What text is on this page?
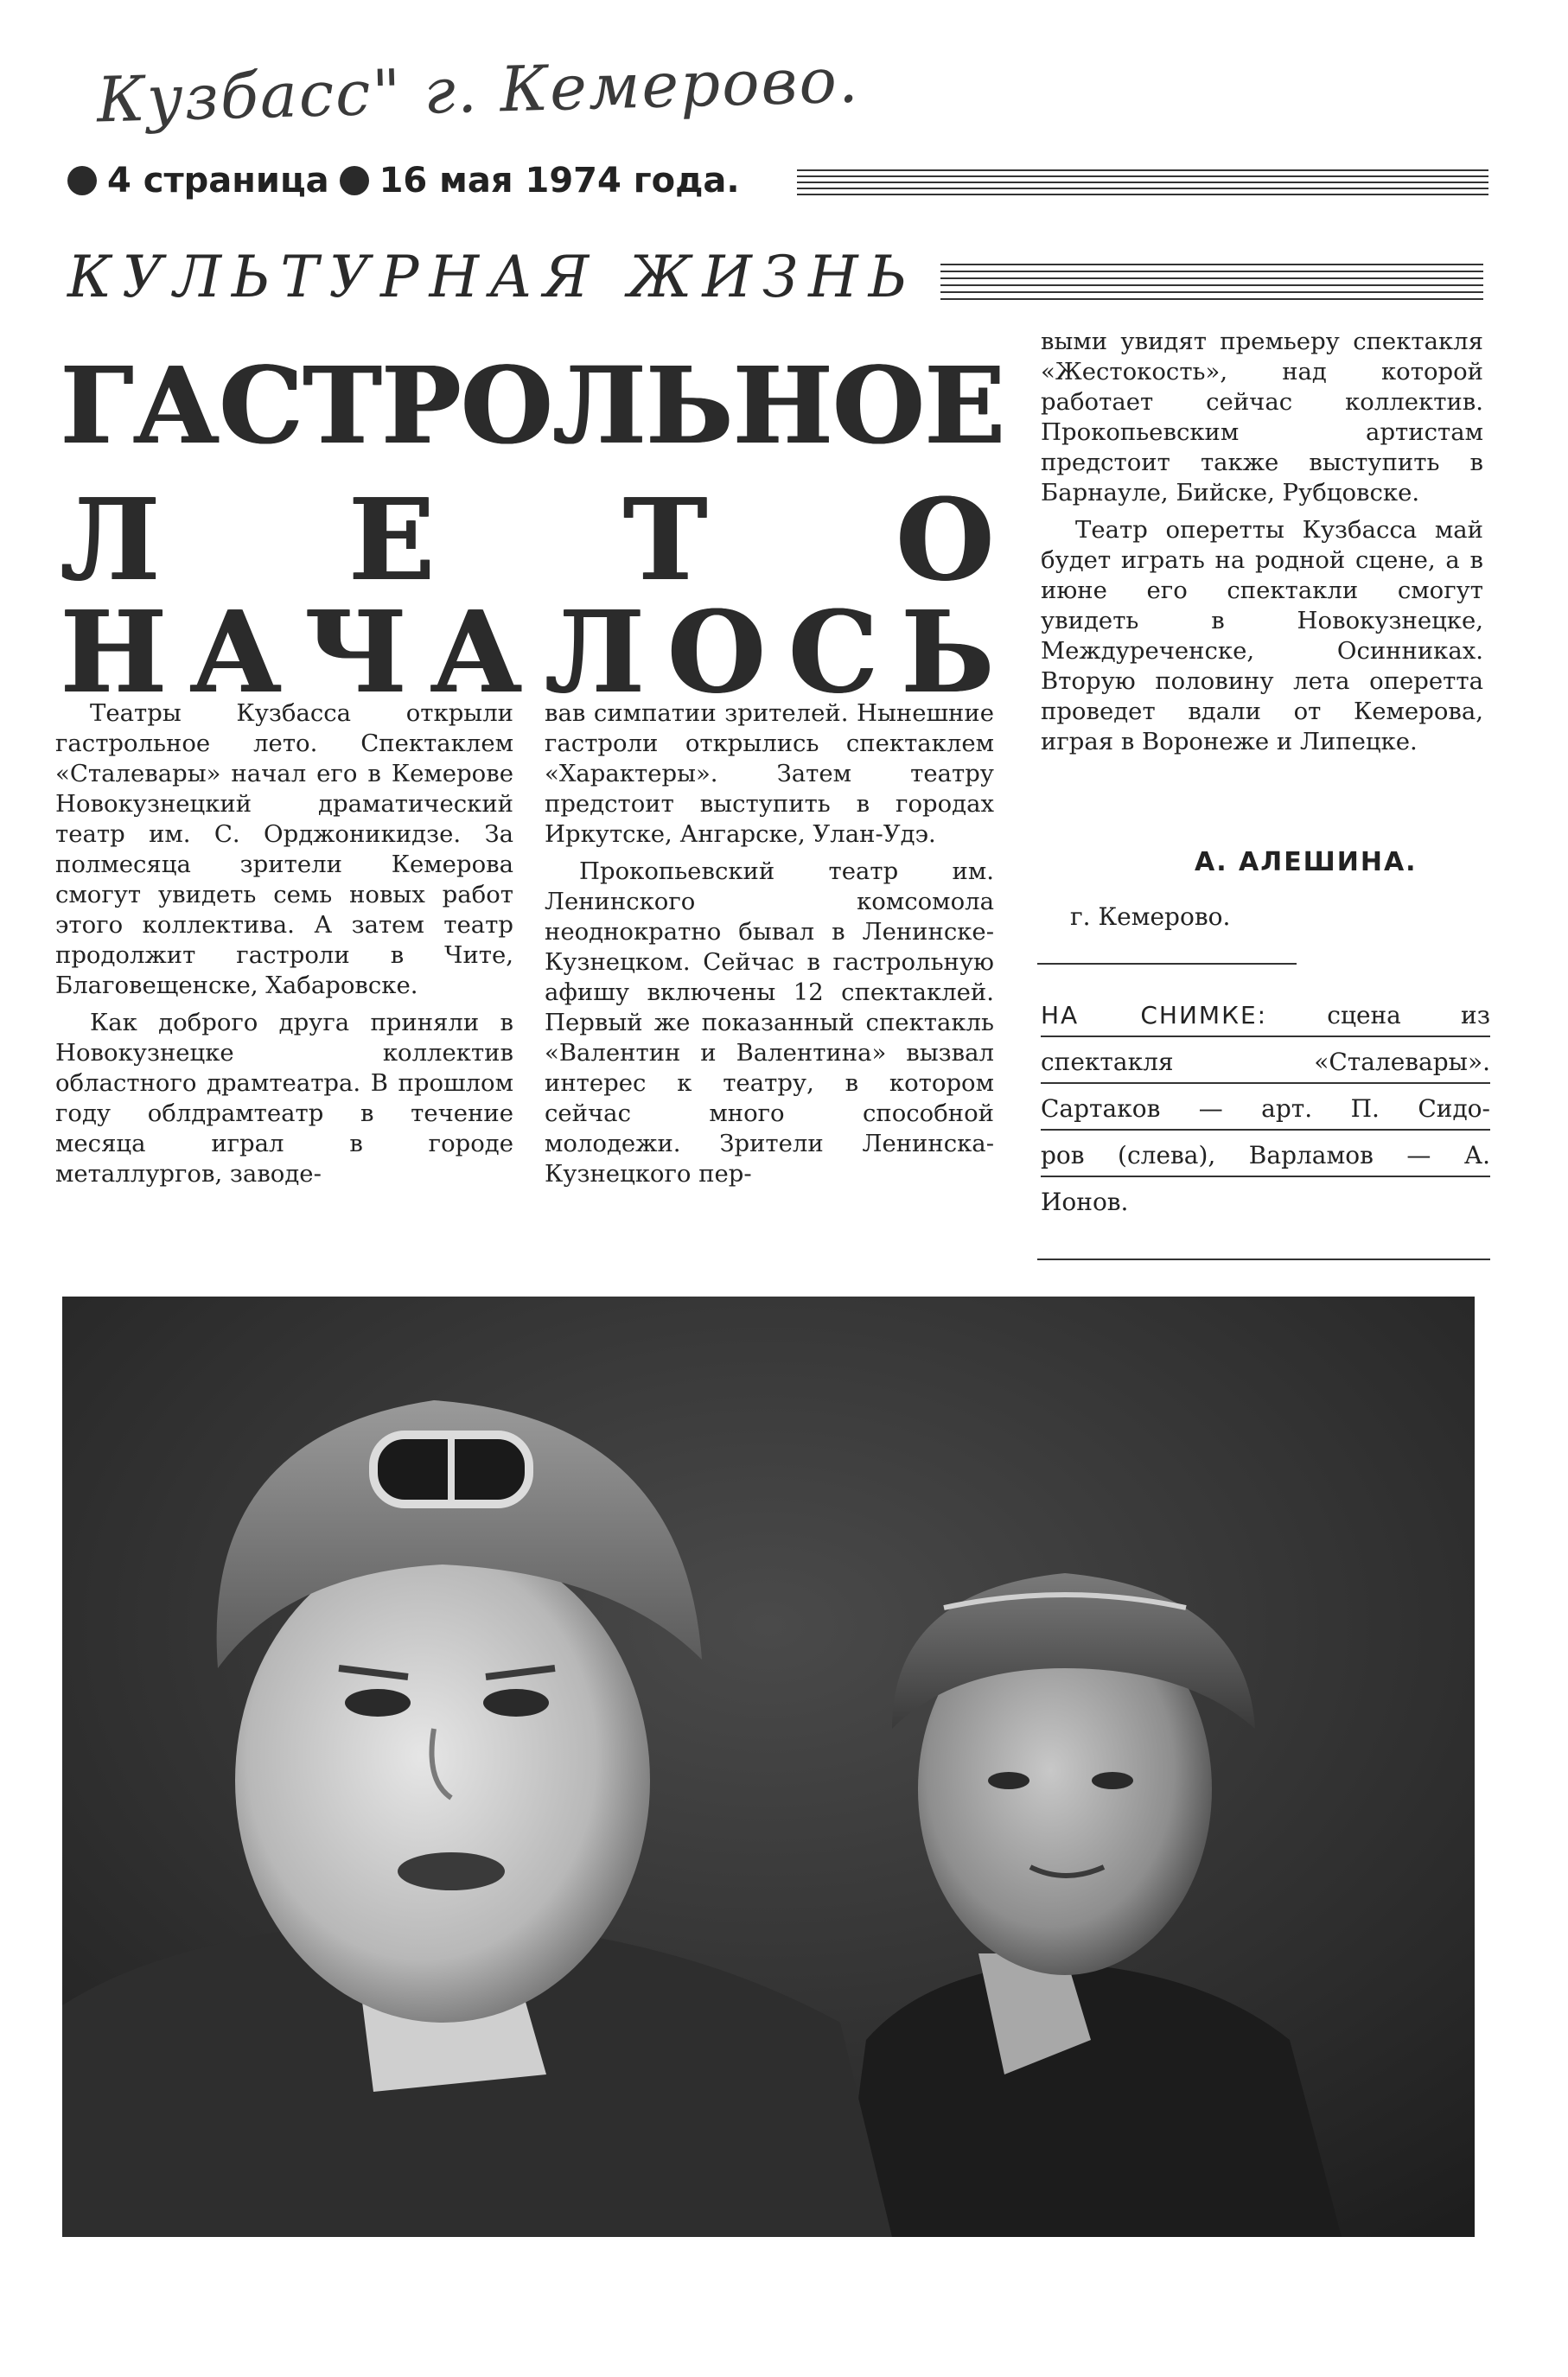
Кузбасс" г. Кемерово.
4 страница 16 мая 1974 года.
КУЛЬТУРНАЯ ЖИЗНЬ
Г А С Т Р О Л Ь Н О Е
Л Е Т О
Н А Ч А Л О С Ь

Театры Кузбасса открыли гастрольное лето. Спектаклем «Сталевары» начал его в Кемерове Новокузнецкий драматический театр им. С. Орджоникидзе. За полмесяца зрители Кемерова смогут увидеть семь новых работ этого коллектива. А затем театр продолжит гастроли в Чите, Благовещенске, Хабаровске.

Как доброго друга приняли в Новокузнецке коллектив областного драмтеатра. В прошлом году облдрамтеатр в течение месяца играл в городе металлургов, заводе-

вав симпатии зрителей. Нынешние гастроли открылись спектаклем «Характеры». Затем театру предстоит выступить в городах Иркутске, Ангарске, Улан-Удэ.

Прокопьевский театр им. Ленинского комсомола неоднократно бывал в Ленинске-Кузнецком. Сейчас в гастрольную афишу включены 12 спектаклей. Первый же показанный спектакль «Валентин и Валентина» вызвал интерес к театру, в котором сейчас много способной молодежи. Зрители Ленинска-Кузнецкого пер-

выми увидят премьеру спектакля «Жестокость», над которой работает сейчас коллектив. Прокопьевским артистам предстоит также выступить в Барнауле, Бийске, Рубцовске.

Театр оперетты Кузбасса май будет играть на родной сцене, а в июне его спектакли смогут увидеть в Новокузнецке, Междуреченске, Осинниках. Вторую половину лета оперетта проведет вдали от Кемерова, играя в Воронеже и Липецке.

А. АЛЕШИНА.
г. Кемерово.
НА СНИМКЕ: сцена из
спектакля «Сталевары».
Сартаков — арт. П. Сидо-
ров (слева), Варламов — А.
Ионов.
